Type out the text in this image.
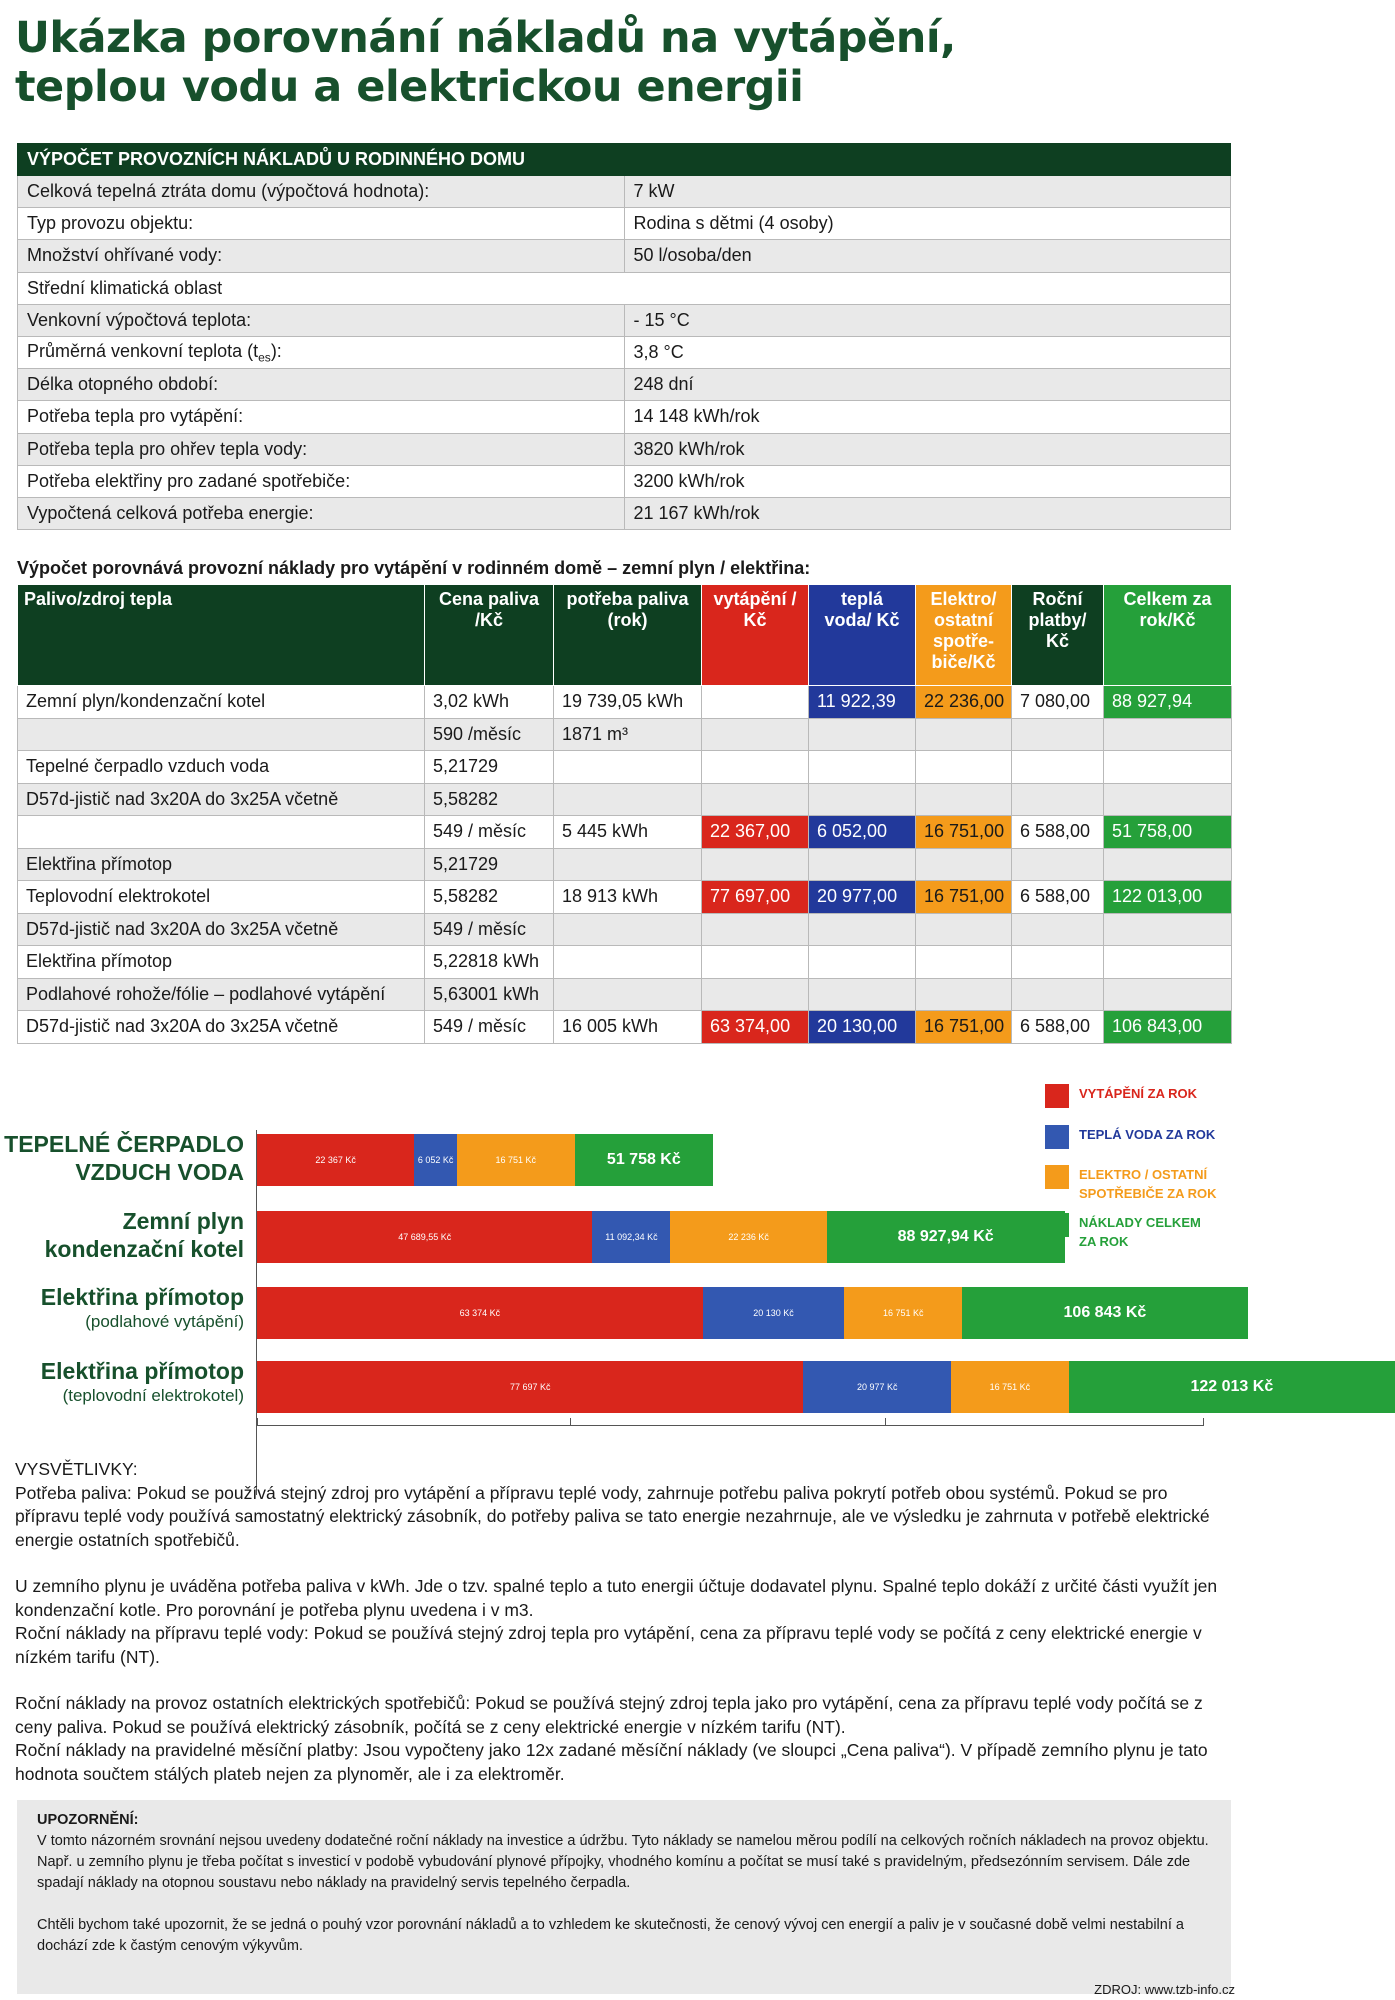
Ukázka porovnání nákladů na vytápění,
teplou vodu a elektrickou energii
VÝPOČET PROVOZNÍCH NÁKLADŮ U RODINNÉHO DOMU	
Celková tepelná ztráta domu (výpočtová hodnota):	7 kW
Typ provozu objektu:	Rodina s dětmi (4 osoby)
Množství ohřívané vody:	50 l/osoba/den
Střední klimatická oblast	
Venkovní výpočtová teplota:	- 15 °C
Průměrná venkovní teplota $(t_{es})$:	3,8 °C
Délka otopného období:	248 dní
Potřeba tepla pro vytápění:	14 148 kWh/rok
Potřeba tepla pro ohřev tepla vody:	3820 kWh/rok
Potřeba elektřiny pro zadané spotřebiče:	3200 kWh/rok
Vypočtená celková potřeba energie:	21 167 kWh/rok
Výpočet porovnává provozní náklady pro vytápění v rodinném domě – zemní plyn / elektřina:
Palivo/zdroj tepla	Cena paliva /Kč	potřeba paliva (rok)	vytápění / Kč	teplá voda/ Kč	Elektro/ ostatní spotře- biče/Kč	Roční platby/ Kč	Celkem za rok/Kč
Zemní plyn/kondenzační kotel	3,02 kWh	19 739,05 kWh		11 922,39	22 236,00	7 080,00	88 927,94
	590 /měsíc	1871 m³					
Tepelné čerpadlo vzduch voda	5,21729						
D57d-jistič nad 3x20A do 3x25A včetně	5,58282						
	549 / měsíc	5 445 kWh	22 367,00	6 052,00	16 751,00	6 588,00	51 758,00
Elektřina přímotop	5,21729						
Teplovodní elektrokotel	5,58282	18 913 kWh	77 697,00	20 977,00	16 751,00	6 588,00	122 013,00
D57d-jistič nad 3x20A do 3x25A včetně	549 / měsíc						
Elektřina přímotop	5,22818 kWh						
Podlahové rohože/fólie – podlahové vytápění	5,63001 kWh						
D57d-jistič nad 3x20A do 3x25A včetně	549 / měsíc	16 005 kWh	63 374,00	20 130,00	16 751,00	6 588,00	106 843,00
22 367 Kč	6 052 Kč	16 751 Kč	51 758 Kč
47 689,55 Kč	11 092,34 Kč	22 236 Kč	88 927,94 Kč
63 374 Kč	20 130 Kč	16 751 Kč	106 843 Kč
77 697 Kč	20 977 Kč	16 751 Kč	122 013 Kč
TEPELNÉ ČERPADLO
VZDUCH VODA
Zemní plyn
kondenzační kotel
Elektřina přímotop
(podlahové vytápění)
Elektřina přímotop
(teplovodní elektrokotel)
VYTÁPĚNÍ ZA ROK
TEPLÁ VODA ZA ROK
ELEKTRO / OSTATNÍ
SPOTŘEBIČE ZA ROK
NÁKLADY CELKEM
ZA ROK

VYSVĚTLIVKY:

Potřeba paliva: Pokud se používá stejný zdroj pro vytápění a přípravu teplé vody, zahrnuje potřebu paliva pokrytí potřeb obou systémů. Pokud se pro přípravu teplé vody používá samostatný elektrický zásobník, do potřeby paliva se tato energie nezahrnuje, ale ve výsledku je zahrnuta v potřebě elektrické energie ostatních spotřebičů.

U zemního plynu je uváděna potřeba paliva v kWh. Jde o tzv. spalné teplo a tuto energii účtuje dodavatel plynu. Spalné teplo dokáží z určité části využít jen kondenzační kotle. Pro porovnání je potřeba plynu uvedena i v m3.

Roční náklady na přípravu teplé vody: Pokud se používá stejný zdroj tepla pro vytápění, cena za přípravu teplé vody se počítá z ceny elektrické energie v nízkém tarifu (NT).

Roční náklady na provoz ostatních elektrických spotřebičů: Pokud se používá stejný zdroj tepla jako pro vytápění, cena za přípravu teplé vody počítá se z ceny paliva. Pokud se používá elektrický zásobník, počítá se z ceny elektrické energie v nízkém tarifu (NT).

Roční náklady na pravidelné měsíční platby: Jsou vypočteny jako 12x zadané měsíční náklady (ve sloupci „Cena paliva“). V případě zemního plynu je tato hodnota součtem stálých plateb nejen za plynoměr, ale i za elektroměr.

UPOZORNĚNÍ:

V tomto názorném srovnání nejsou uvedeny dodatečné roční náklady na investice a údržbu. Tyto náklady se namelou měrou podílí na celkových ročních nákladech na provoz objektu. Např. u zemního plynu je třeba počítat s investicí v podobě vybudování plynové přípojky, vhodného komínu a počítat se musí také s pravidelným, předsezónním servisem. Dále zde spadají náklady na otopnou soustavu nebo náklady na pravidelný servis tepelného čerpadla.

Chtěli bychom také upozornit, že se jedná o pouhý vzor porovnání nákladů a to vzhledem ke skutečnosti, že cenový vývoj cen energií a paliv je v současné době velmi nestabilní a dochází zde k častým cenovým výkyvům.

ZDROJ: www.tzb-info.cz
